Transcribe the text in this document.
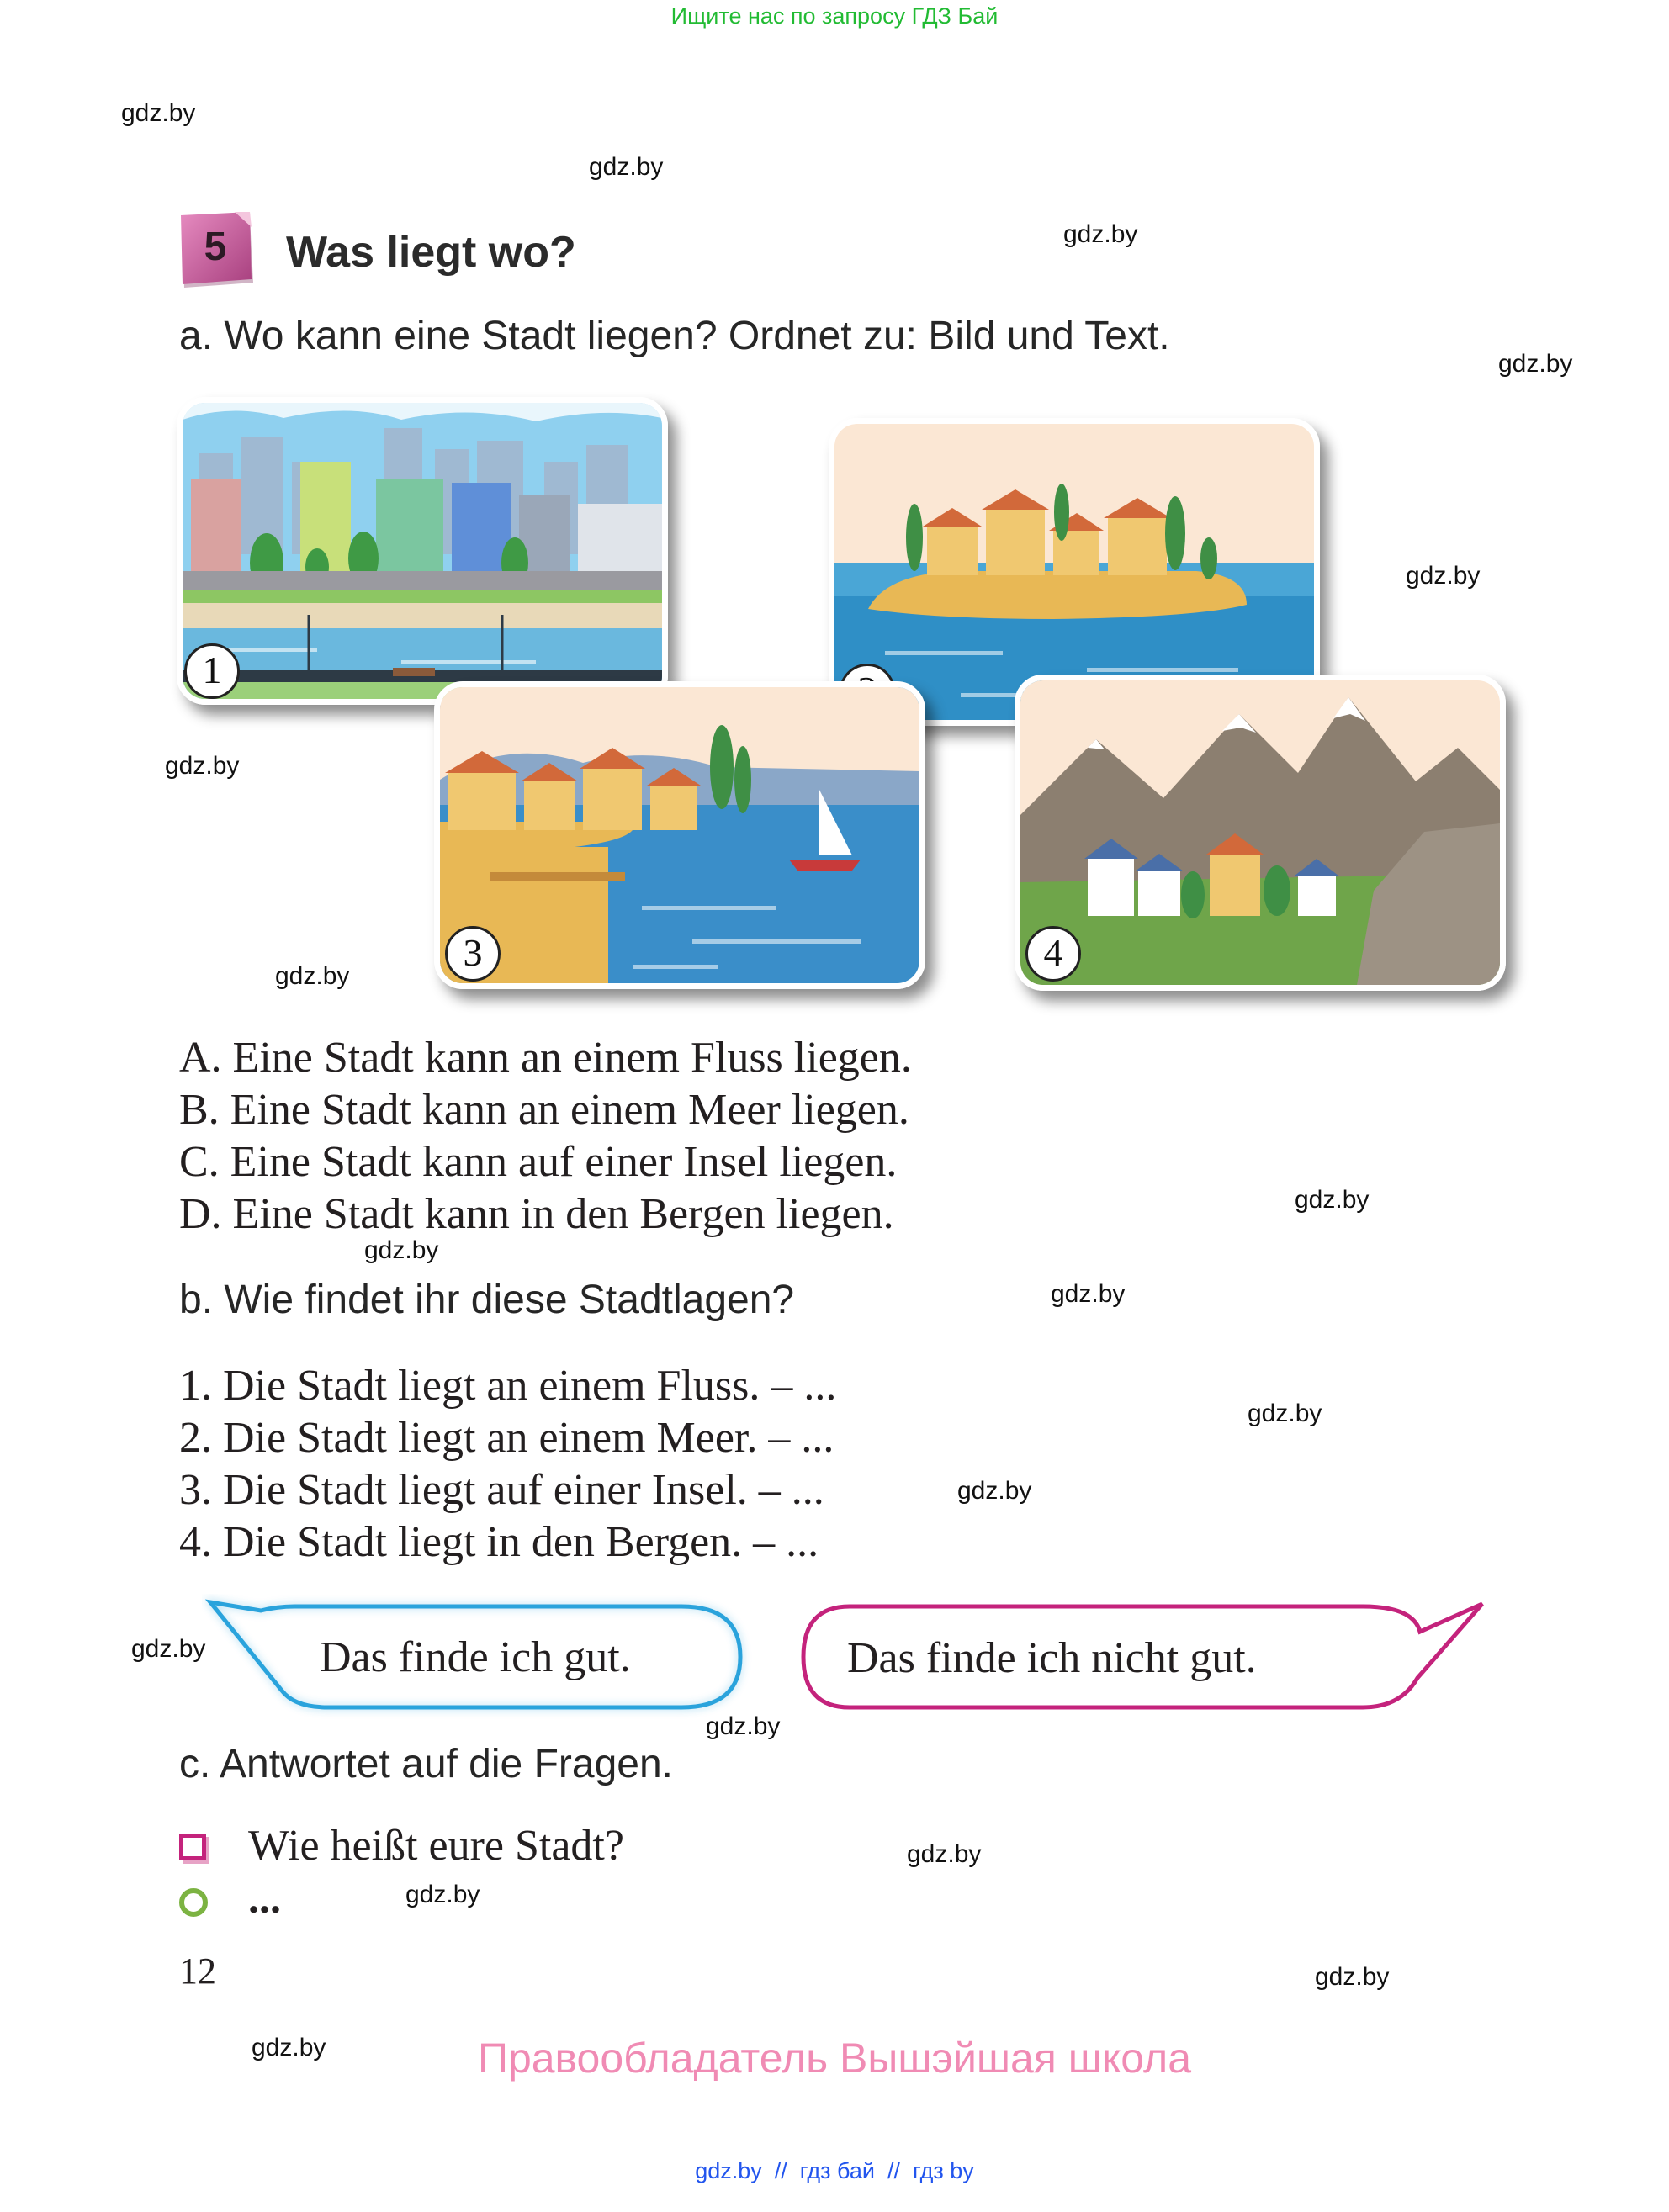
Ищите нас по запросу ГДЗ Бай
gdz.by
gdz.by
gdz.by
gdz.by
gdz.by
gdz.by
gdz.by
gdz.by
gdz.by
gdz.by
gdz.by
gdz.by
gdz.by
gdz.by
gdz.by
gdz.by
gdz.by
gdz.by
5	Was liegt wo?
a. Wo kann eine Stadt liegen? Ordnet zu: Bild und Text.
1
3	4
A. Eine Stadt kann an einem Fluss liegen.
B. Eine Stadt kann an einem Meer liegen.
C. Eine Stadt kann auf einer Insel liegen.
D. Eine Stadt kann in den Bergen liegen.
b. Wie findet ihr diese Stadtlagen?
1. Die Stadt liegt an einem Fluss. – ...
2. Die Stadt liegt an einem Meer. – ...
3. Die Stadt liegt auf einer Insel. – ...
4. Die Stadt liegt in den Bergen. – ...
Das finde ich gut.	Das finde ich nicht gut.
c. Antwortet auf die Fragen.
Wie heißt eure Stadt?
...
12
Правообладатель Вышэйшая школа
gdz.by  //  гдз бай  //  гдз by
